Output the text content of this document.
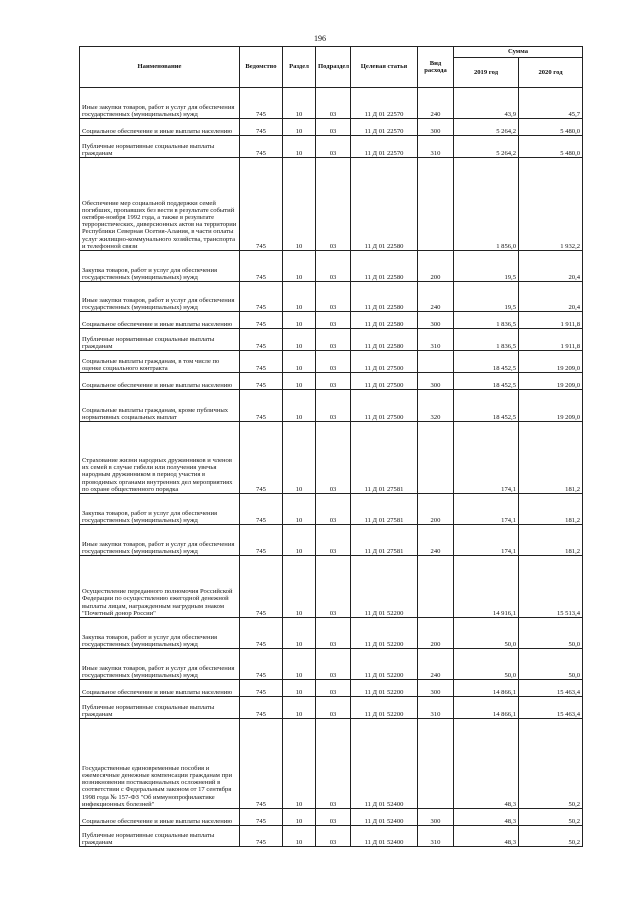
196
Наименование	Ведомство	Раздел	Подраздел	Целевая статья	Вид расхода	Сумма	
						2019 год	2020 год
Иные закупки товаров, работ и услуг для обеспечения государственных (муниципальных) нужд	745	10	03	11 Д 01 22570	240	43,9	45,7
Социальное обеспечение и иные выплаты населению	745	10	03	11 Д 01 22570	300	5 264,2	5 480,0
Публичные нормативные социальные выплаты гражданам	745	10	03	11 Д 01 22570	310	5 264,2	5 480,0
Обеспечение мер социальной поддержки семей погибших, пропавших без вести в результате событий октября-ноября 1992 года, а также в результате террористических, диверсионных актов на территории Республики Северная Осетия-Алания, в части оплаты услуг жилищно-коммунального хозяйства, транспорта и телефонной связи	745	10	03	11 Д 01 22580		1 856,0	1 932,2
Закупка товаров, работ и услуг для обеспечения государственных (муниципальных) нужд	745	10	03	11 Д 01 22580	200	19,5	20,4
Иные закупки товаров, работ и услуг для обеспечения государственных (муниципальных) нужд	745	10	03	11 Д 01 22580	240	19,5	20,4
Социальное обеспечение и иные выплаты населению	745	10	03	11 Д 01 22580	300	1 836,5	1 911,8
Публичные нормативные социальные выплаты гражданам	745	10	03	11 Д 01 22580	310	1 836,5	1 911,8
Социальные выплаты гражданам, в том числе по оценке социального контракта	745	10	03	11 Д 01 27500		18 452,5	19 209,0
Социальное обеспечение и иные выплаты населению	745	10	03	11 Д 01 27500	300	18 452,5	19 209,0
Социальные выплаты гражданам, кроме публичных нормативных социальных выплат	745	10	03	11 Д 01 27500	320	18 452,5	19 209,0
Страхование жизни народных дружинников и членов их семей в случае гибели или получения увечья народным дружинником в период участия в проводимых органами внутренних дел мероприятиях по охране общественного порядка	745	10	03	11 Д 01 27581		174,1	181,2
Закупка товаров, работ и услуг для обеспечения государственных (муниципальных) нужд	745	10	03	11 Д 01 27581	200	174,1	181,2
Иные закупки товаров, работ и услуг для обеспечения государственных (муниципальных) нужд	745	10	03	11 Д 01 27581	240	174,1	181,2
Осуществление переданного полномочия Российской Федерации по осуществлению ежегодной денежной выплаты лицам, награжденным нагрудным знаком "Почетный донор России"	745	10	03	11 Д 01 52200		14 916,1	15 513,4
Закупка товаров, работ и услуг для обеспечения государственных (муниципальных) нужд	745	10	03	11 Д 01 52200	200	50,0	50,0
Иные закупки товаров, работ и услуг для обеспечения государственных (муниципальных) нужд	745	10	03	11 Д 01 52200	240	50,0	50,0
Социальное обеспечение и иные выплаты населению	745	10	03	11 Д 01 52200	300	14 866,1	15 463,4
Публичные нормативные социальные выплаты гражданам	745	10	03	11 Д 01 52200	310	14 866,1	15 463,4
Государственные единовременные пособия и ежемесячные денежные компенсации гражданам при возникновении поствакцинальных осложнений в соответствии с Федеральным законом от 17 сентября 1998 года № 157-ФЗ "Об иммунопрофилактике инфекционных болезней"	745	10	03	11 Д 01 52400		48,3	50,2
Социальное обеспечение и иные выплаты населению	745	10	03	11 Д 01 52400	300	48,3	50,2
Публичные нормативные социальные выплаты гражданам	745	10	03	11 Д 01 52400	310	48,3	50,2
